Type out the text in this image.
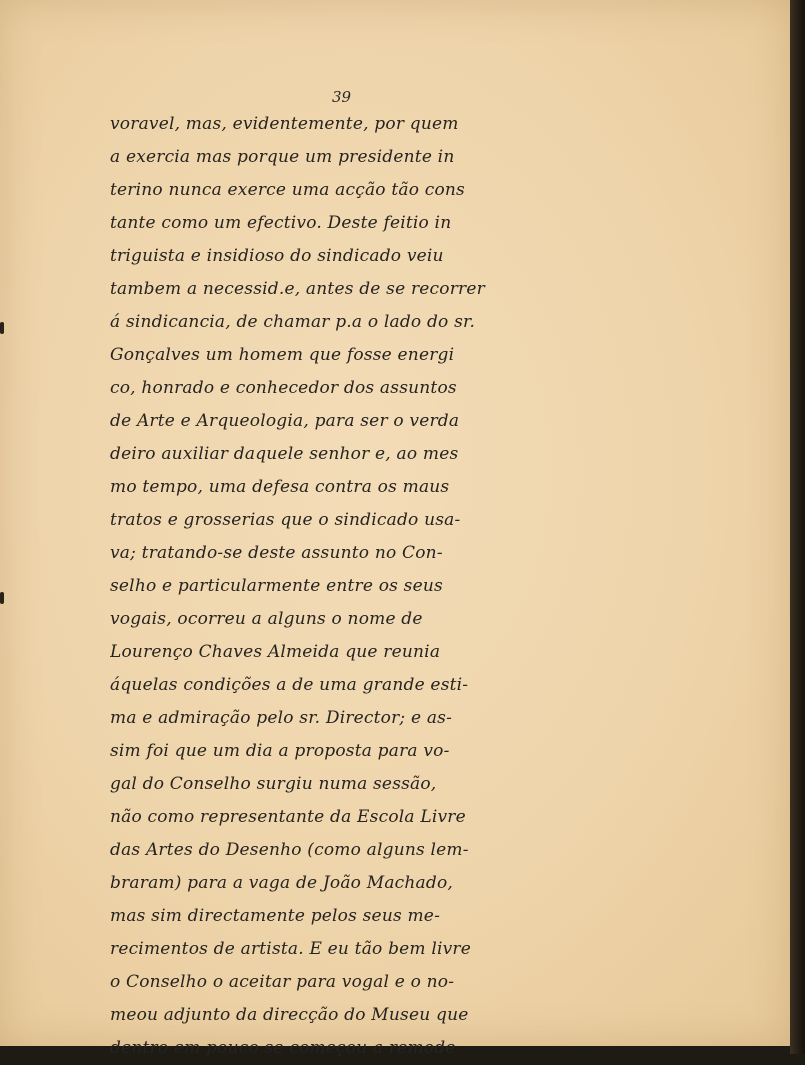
39
voravel, mas, evidentemente, por quem
a exercia mas porque um presidente in
terino nunca exerce uma acção tão cons
tante como um efectivo. Deste feitio in
triguista e insidioso do sindicado veiu
tambem a necessid.e, antes de se recorrer
á sindicancia, de chamar p.a o lado do sr.
Gonçalves um homem que fosse energi
co, honrado e conhecedor dos assuntos
de Arte e Arqueologia, para ser o verda
deiro auxiliar daquele senhor e, ao mes
mo tempo, uma defesa contra os maus
tratos e grosserias que o sindicado usa-
va; tratando-se deste assunto no Con-
selho e particularmente entre os seus
vogais, ocorreu a alguns o nome de
Lourenço Chaves Almeida que reunia
áquelas condições a de uma grande esti-
ma e admiração pelo sr. Director; e as-
sim foi que um dia a proposta para vo-
gal do Conselho surgiu numa sessão,
não como representante da Escola Livre
das Artes do Desenho (como alguns lem-
braram) para a vaga de João Machado,
mas sim directamente pelos seus me-
recimentos de artista. E eu tão bem livre
o Conselho o aceitar para vogal e o no-
meou adjunto da direcção do Museu que
dentro em pouco se começou a remode
